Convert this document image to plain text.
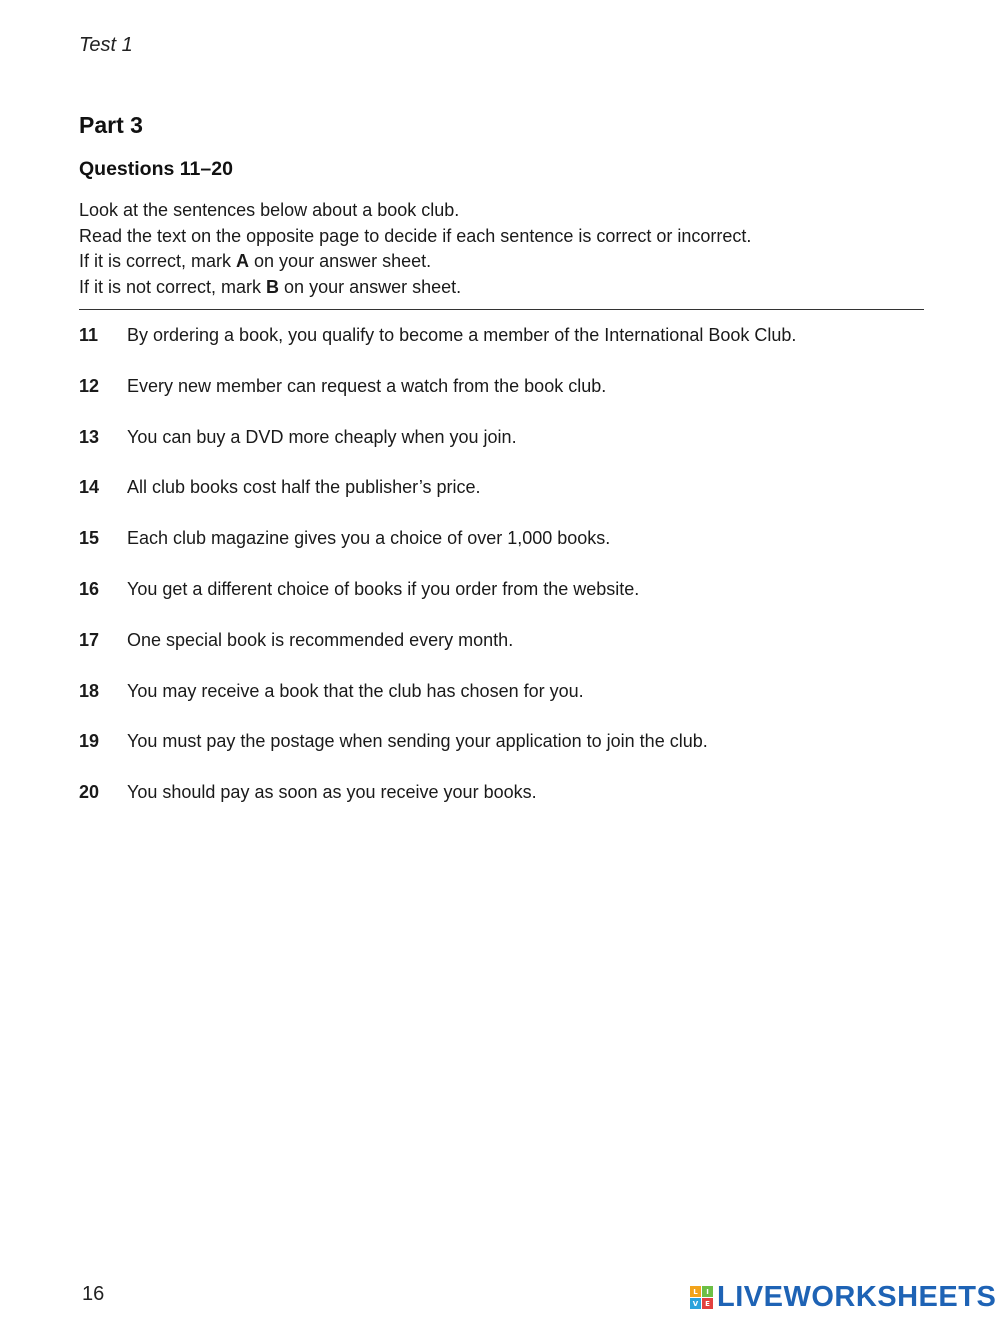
Test 1
Part 3
Questions 11–20
Look at the sentences below about a book club.
Read the text on the opposite page to decide if each sentence is correct or incorrect.
If it is correct, mark A on your answer sheet.
If it is not correct, mark B on your answer sheet.
11	By ordering a book, you qualify to become a member of the International Book Club.
12	Every new member can request a watch from the book club.
13	You can buy a DVD more cheaply when you join.
14	All club books cost half the publisher’s price.
15	Each club magazine gives you a choice of over 1,000 books.
16	You get a different choice of books if you order from the website.
17	One special book is recommended every month.
18	You may receive a book that the club has chosen for you.
19	You must pay the postage when sending your application to join the club.
20	You should pay as soon as you receive your books.
16	L	I
V E LIVEWORKSHEETS
